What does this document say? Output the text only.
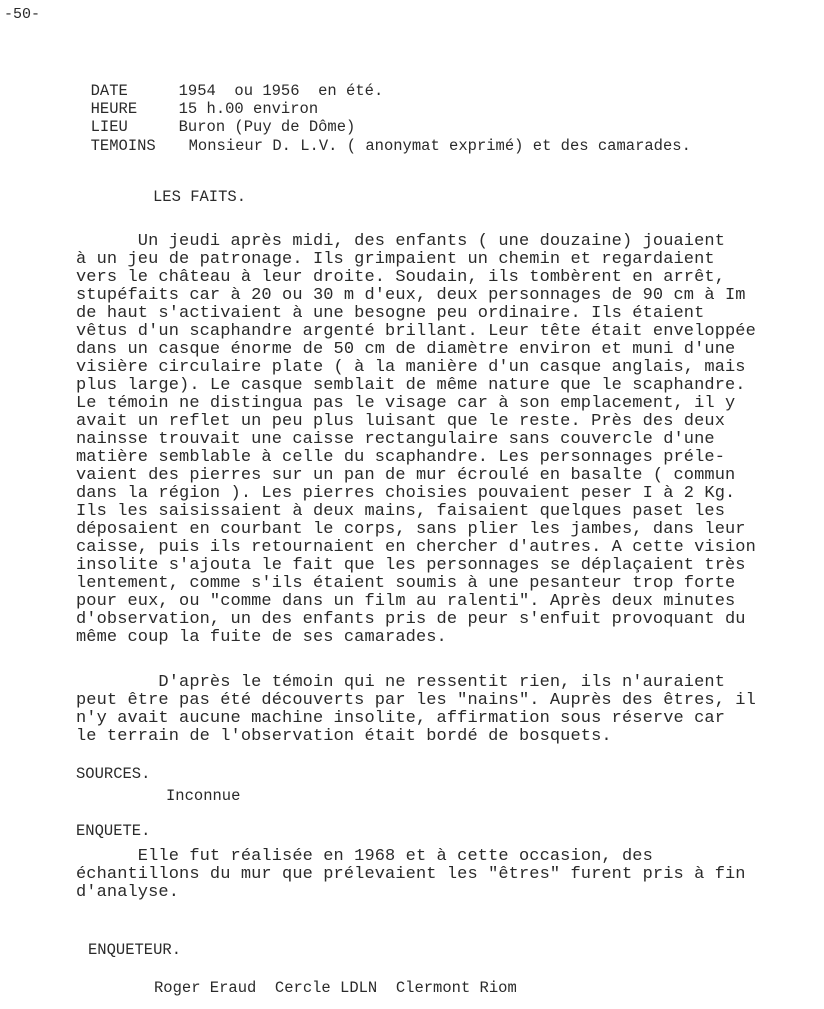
-50-

DATE	1954  ou 1956  en été.

HEURE	15 h.00 environ

LIEU	Buron (Puy de Dôme)

TEMOINS Monsieur D. L.V. ( anonymat exprimé) et des camarades.

LES FAITS.
Un jeudi après midi, des enfants ( une douzaine) jouaient
à un jeu de patronage. Ils grimpaient un chemin et regardaient
vers le château à leur droite. Soudain, ils tombèrent en arrêt,
stupéfaits car à 20 ou 30 m d'eux, deux personnages de 90 cm à Im
de haut s'activaient à une besogne peu ordinaire. Ils étaient
vêtus d'un scaphandre argenté brillant. Leur tête était enveloppée
dans un casque énorme de 50 cm de diamètre environ et muni d'une
visière circulaire plate ( à la manière d'un casque anglais, mais
plus large). Le casque semblait de même nature que le scaphandre.
Le témoin ne distingua pas le visage car à son emplacement, il y
avait un reflet un peu plus luisant que le reste. Près des deux
nainsse trouvait une caisse rectangulaire sans couvercle d'une
matière semblable à celle du scaphandre. Les personnages préle-
vaient des pierres sur un pan de mur écroulé en basalte ( commun
dans la région ). Les pierres choisies pouvaient peser I à 2 Kg.
Ils les saisissaient à deux mains, faisaient quelques paset les
déposaient en courbant le corps, sans plier les jambes, dans leur
caisse, puis ils retournaient en chercher d'autres. A cette vision
insolite s'ajouta le fait que les personnages se déplaçaient très
lentement, comme s'ils étaient soumis à une pesanteur trop forte
pour eux, ou "comme dans un film au ralenti". Après deux minutes
d'observation, un des enfants pris de peur s'enfuit provoquant du
même coup la fuite de ses camarades.
D'après le témoin qui ne ressentit rien, ils n'auraient
peut être pas été découverts par les "nains". Auprès des êtres, il
n'y avait aucune machine insolite, affirmation sous réserve car
le terrain de l'observation était bordé de bosquets.
SOURCES.
Inconnue
ENQUETE.
Elle fut réalisée en 1968 et à cette occasion, des
échantillons du mur que prélevaient les "êtres" furent pris à fin
d'analyse.
ENQUETEUR.
Roger Eraud  Cercle LDLN  Clermont Riom
